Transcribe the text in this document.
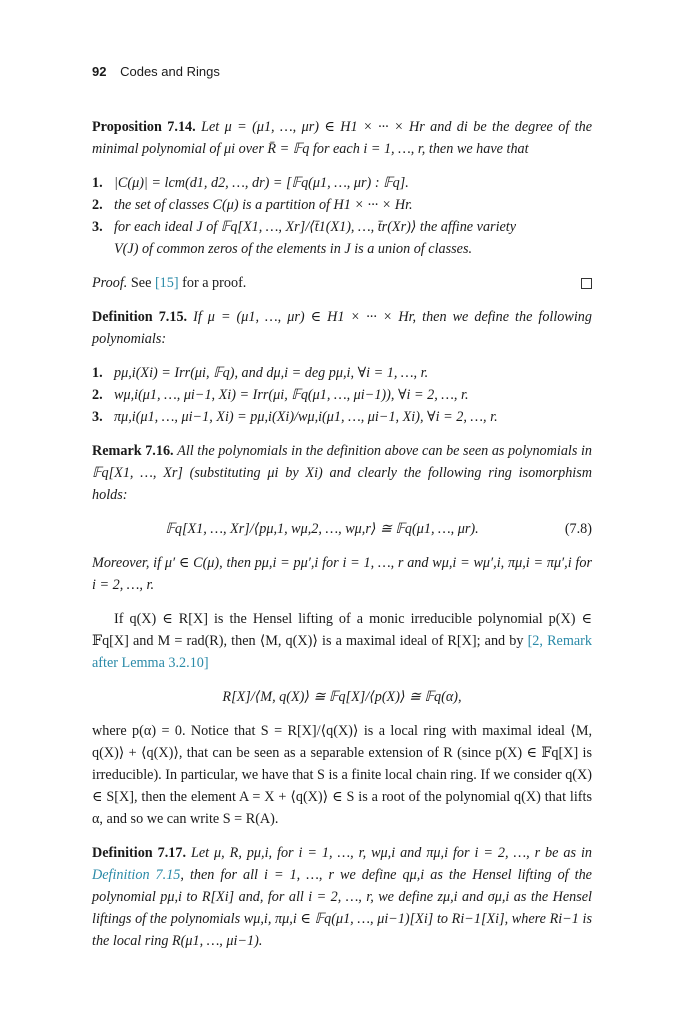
92 Codes and Rings
Proposition 7.14. Let μ = (μ1, …, μr) ∈ H1 × ··· × Hr and di be the degree of the minimal polynomial of μi over R̄ = 𝔽q for each i = 1, …, r, then we have that
1. |C(μ)| = lcm(d1, d2, …, dr) = [𝔽q(μ1, …, μr) : 𝔽q].
2. the set of classes C(μ) is a partition of H1 × ··· × Hr.
3. for each ideal J of 𝔽q[X1, …, Xr]/⟨t̄1(X1), …, t̄r(Xr)⟩ the affine variety
V(J) of common zeros of the elements in J is a union of classes.
Proof. See [15] for a proof.
Definition 7.15. If μ = (μ1, …, μr) ∈ H1 × ··· × Hr, then we define the following polynomials:
1. pμ,i(Xi) = Irr(μi, 𝔽q), and dμ,i = deg pμ,i, ∀i = 1, …, r.
2. wμ,i(μ1, …, μi−1, Xi) = Irr(μi, 𝔽q(μ1, …, μi−1)), ∀i = 2, …, r.
3. πμ,i(μ1, …, μi−1, Xi) = pμ,i(Xi)/wμ,i(μ1, …, μi−1, Xi), ∀i = 2, …, r.
Remark 7.16. All the polynomials in the definition above can be seen as polynomials in 𝔽q[X1, …, Xr] (substituting μi by Xi) and clearly the following ring isomorphism holds:
𝔽q[X1, …, Xr]/⟨pμ,1, wμ,2, …, wμ,r⟩ ≅ 𝔽q(μ1, …, μr).	(7.8)
Moreover, if μ′ ∈ C(μ), then pμ,i = pμ′,i for i = 1, …, r and wμ,i = wμ′,i, πμ,i = πμ′,i for i = 2, …, r.
If q(X) ∈ R[X] is the Hensel lifting of a monic irreducible polynomial p(X) ∈ 𝔽q[X] and M = rad(R), then ⟨M, q(X)⟩ is a maximal ideal of R[X]; and by [2, Remark after Lemma 3.2.10]
R[X]/⟨M, q(X)⟩ ≅ 𝔽q[X]/⟨p(X)⟩ ≅ 𝔽q(α),
where p(α) = 0. Notice that S = R[X]/⟨q(X)⟩ is a local ring with maximal ideal ⟨M, q(X)⟩ + ⟨q(X)⟩, that can be seen as a separable extension of R (since p(X) ∈ 𝔽q[X] is irreducible). In particular, we have that S is a finite local chain ring. If we consider q(X) ∈ S[X], then the element A = X + ⟨q(X)⟩ ∈ S is a root of the polynomial q(X) that lifts α, and so we can write S = R(A).
Definition 7.17. Let μ, R, pμ,i, for i = 1, …, r, wμ,i and πμ,i for i = 2, …, r be as in Definition 7.15, then for all i = 1, …, r we define qμ,i as the Hensel lifting of the polynomial pμ,i to R[Xi] and, for all i = 2, …, r, we define zμ,i and σμ,i as the Hensel liftings of the polynomials wμ,i, πμ,i ∈ 𝔽q(μ1, …, μi−1)[Xi] to Ri−1[Xi], where Ri−1 is the local ring R(μ1, …, μi−1).
